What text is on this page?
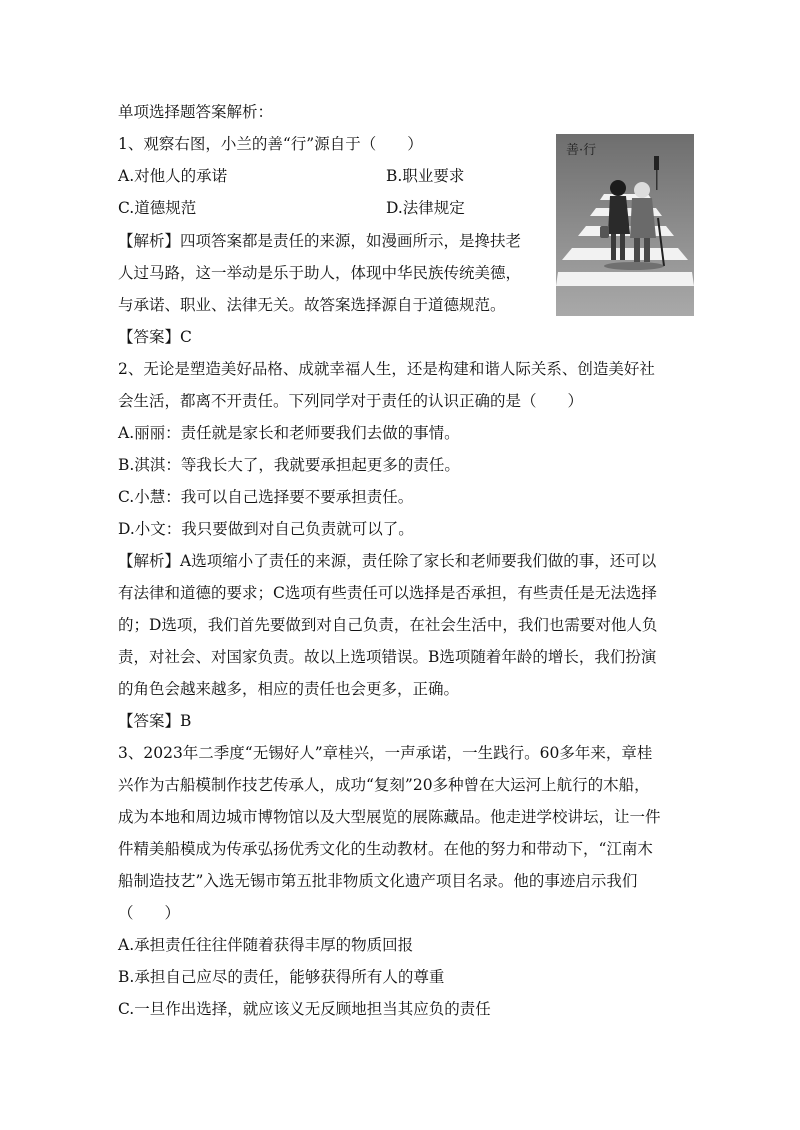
单项选择题答案解析：
1、观察右图，小兰的善“行”源自于（　　）
A.对他人的承诺	B.职业要求
C.道德规范	D.法律规定
【解析】四项答案都是责任的来源，如漫画所示，是搀扶老
人过马路，这一举动是乐于助人，体现中华民族传统美德，
与承诺、职业、法律无关。故答案选择源自于道德规范。
【答案】C
善·行
2、无论是塑造美好品格、成就幸福人生，还是构建和谐人际关系、创造美好社
会生活，都离不开责任。下列同学对于责任的认识正确的是（　　）
A.丽丽：责任就是家长和老师要我们去做的事情。
B.淇淇：等我长大了，我就要承担起更多的责任。
C.小慧：我可以自己选择要不要承担责任。
D.小文：我只要做到对自己负责就可以了。
【解析】A选项缩小了责任的来源，责任除了家长和老师要我们做的事，还可以
有法律和道德的要求；C选项有些责任可以选择是否承担，有些责任是无法选择
的；D选项，我们首先要做到对自己负责，在社会生活中，我们也需要对他人负
责，对社会、对国家负责。故以上选项错误。B选项随着年龄的增长，我们扮演
的角色会越来越多，相应的责任也会更多，正确。
【答案】B
3、2023年二季度“无锡好人”章桂兴，一声承诺，一生践行。60多年来，章桂
兴作为古船模制作技艺传承人，成功“复刻”20多种曾在大运河上航行的木船，
成为本地和周边城市博物馆以及大型展览的展陈藏品。他走进学校讲坛，让一件
件精美船模成为传承弘扬优秀文化的生动教材。在他的努力和带动下，“江南木
船制造技艺”入选无锡市第五批非物质文化遗产项目名录。他的事迹启示我们
（　　）
A.承担责任往往伴随着获得丰厚的物质回报
B.承担自己应尽的责任，能够获得所有人的尊重
C.一旦作出选择，就应该义无反顾地担当其应负的责任
